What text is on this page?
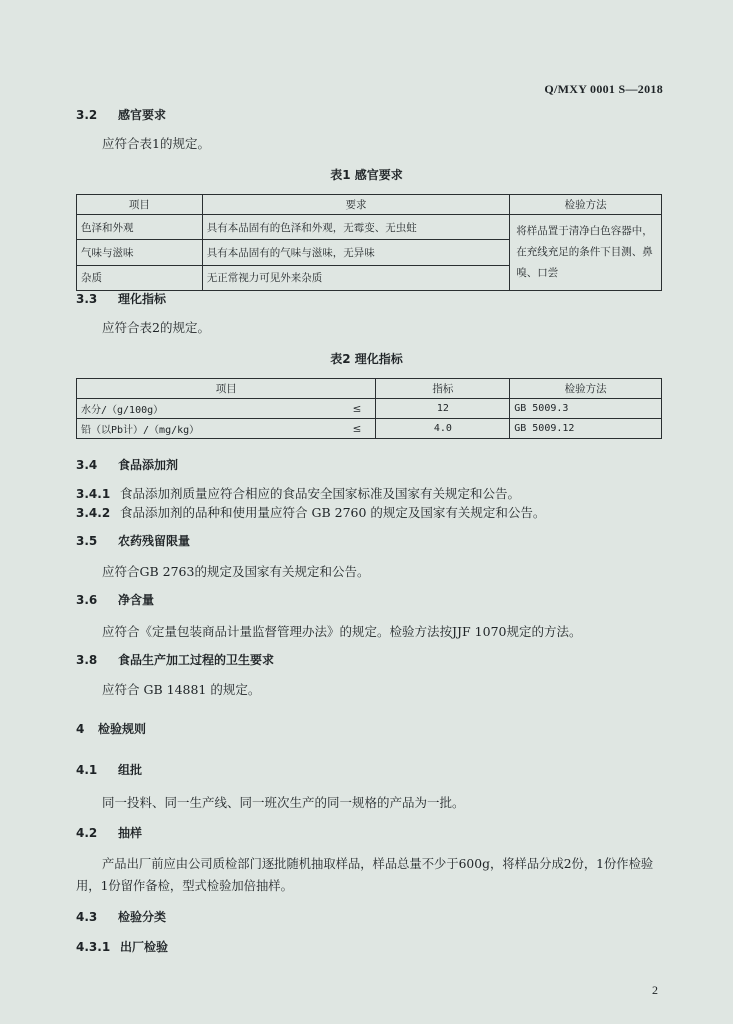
Q/MXY 0001 S—2018
3.2 感官要求
应符合表1的规定。
表1 感官要求
项目	要求	检验方法
色泽和外观	具有本品固有的色泽和外观，无霉变、无虫蛀	将样品置于清净白色容器中，在充线充足的条件下目测、鼻嗅、口尝
气味与滋味	具有本品固有的气味与滋味，无异味	
杂质	无正常视力可见外来杂质	
3.3 理化指标
应符合表2的规定。
表2 理化指标
项目		指标	检验方法
水分/（g/100g）	≤	12	GB 5009.3
铅（以Pb计）/（mg/kg）	≤	4.0	GB 5009.12
3.4 食品添加剂
3.4.1 食品添加剂质量应符合相应的食品安全国家标准及国家有关规定和公告。
3.4.2 食品添加剂的品种和使用量应符合 GB 2760 的规定及国家有关规定和公告。
3.5 农药残留限量
应符合GB 2763的规定及国家有关规定和公告。
3.6 净含量
应符合《定量包装商品计量监督管理办法》的规定。检验方法按JJF 1070规定的方法。
3.8 食品生产加工过程的卫生要求
应符合 GB 14881 的规定。
4 检验规则
4.1 组批
同一投料、同一生产线、同一班次生产的同一规格的产品为一批。
4.2 抽样
产品出厂前应由公司质检部门逐批随机抽取样品，样品总量不少于600g，将样品分成2份，1份作检验用，1份留作备检，型式检验加倍抽样。
4.3 检验分类
4.3.1 出厂检验
2
